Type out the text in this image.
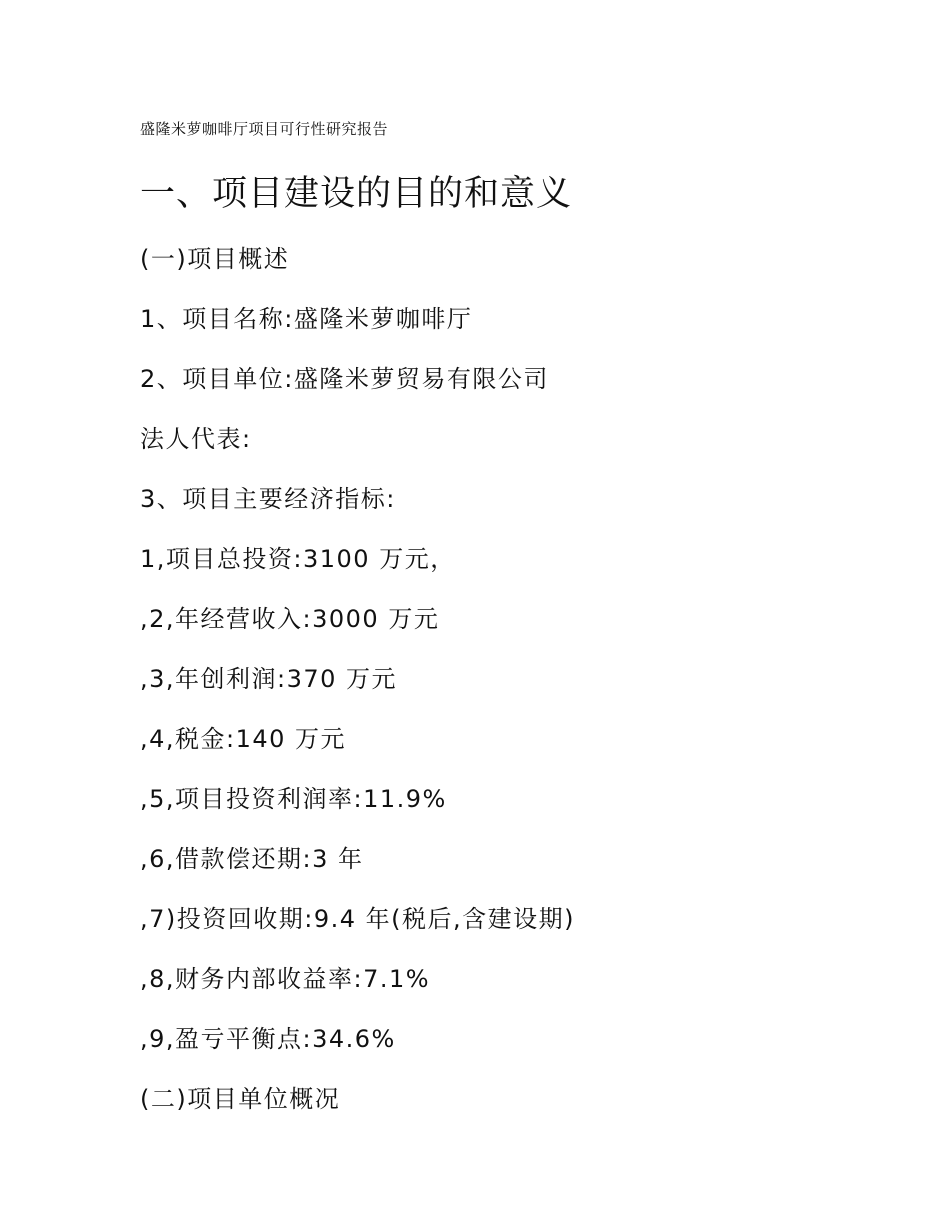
盛隆米萝咖啡厅项目可行性研究报告
一、项目建设的目的和意义
(一)项目概述
1、项目名称:盛隆米萝咖啡厅
2、项目单位:盛隆米萝贸易有限公司
法人代表:
3、项目主要经济指标:
1,项目总投资:3100 万元，
,2,年经营收入:3000 万元
,3,年创利润:370 万元
,4,税金:140 万元
,5,项目投资利润率:11.9%
,6,借款偿还期:3 年
,7)投资回收期:9.4 年(税后,含建设期)
,8,财务内部收益率:7.1%
,9,盈亏平衡点:34.6%
(二)项目单位概况
